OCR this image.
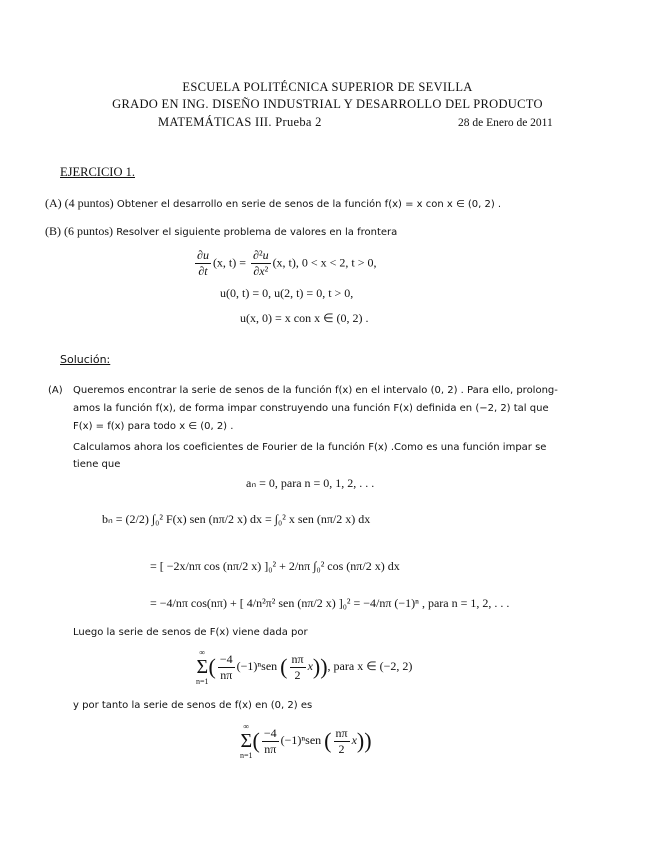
ESCUELA POLITÉCNICA SUPERIOR DE SEVILLA
GRADO EN ING. DISEÑO INDUSTRIAL Y DESARROLLO DEL PRODUCTO
MATEMÁTICAS III. Prueba 2	28 de Enero de 2011
EJERCICIO 1.
(A) (4 puntos) Obtener el desarrollo en serie de senos de la función f(x) = x con x ∈ (0, 2) .
(B) (6 puntos) Resolver el siguiente problema de valores en la frontera
$\frac{\partial u}{\partial t} (x$, $t) = \frac{\text{∂²u}}{\text{∂x²}} (x$, t), 0 < x < 2, t > 0,
u(0, t) = 0, u(2, t) = 0, t > 0,
u(x, 0) = x con x ∈ (0, 2) .
Solución:
(A) Queremos encontrar la serie de senos de la función f(x) en el intervalo (0, 2) . Para ello, prolong-
amos la función f(x), de forma impar construyendo una función F(x) definida en (−2, 2) tal que
F(x) = f(x) para todo x ∈ (0, 2) .
Calculamos ahora los coeficientes de Fourier de la función F(x) .Como es una función impar se
tiene que
aₙ = 0, para n = 0, 1, 2, . . .
bₙ = (2/2) ∫₀² F(x) sen (nπ/2 x) dx = ∫₀² x sen (nπ/2 x) dx
= [ −2x/nπ cos (nπ/2 x) ]₀² + 2/nπ ∫₀² cos (nπ/2 x) dx
= −4/nπ cos(nπ) + [ 4/n²π² sen (nπ/2 x) ]₀² = −4/nπ (−1)ⁿ , para n = 1, 2, . . .
Luego la serie de senos de F(x) viene dada por
∞
Σ
n=1
( $\frac{-4}{n\pi} (-1)^nsen$ ( $\frac{n\pi}{2} x$)), para x ∈ (−2, 2)
y por tanto la serie de senos de f(x) en (0, 2) es
∞
Σ
n=1
( $\frac{-4}{n\pi} (-1)^nsen$ ( $\frac{n\pi}{2} x$))
